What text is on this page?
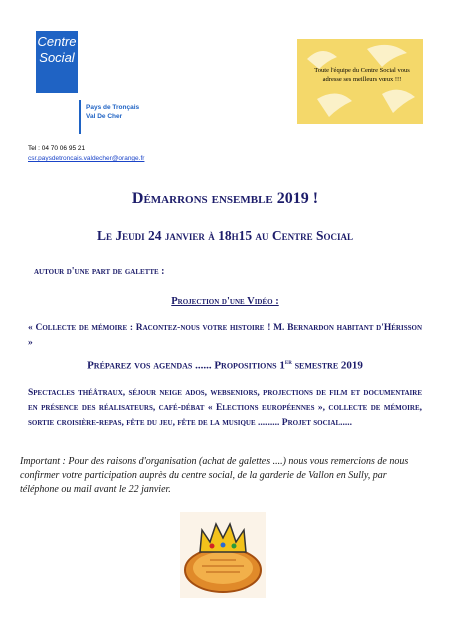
Centre
Social
Pays de Tronçais
Val De Cher
Toute l'équipe du Centre Social vous adresse ses meilleurs vœux !!!
Tel : 04 70 06 95 21
csr.paysdetroncais.valdecher@orange.fr
Démarrons ensemble 2019 !
Le Jeudi 24 janvier à 18h15 au Centre Social
autour d'une part de galette :
Projection d'une Vidéo :
« Collecte de mémoire : Racontez-nous votre histoire ! M. Bernardon habitant d'Hérisson »
Préparez vos agendas ...... Propositions 1er semestre 2019
Spectacles théâtraux, séjour neige ados, webseniors, projections de film et documentaire en présence des réalisateurs, café-débat « Elections européennes », collecte de mémoire, sortie croisière-repas, fête du jeu, fête de la musique ......... Projet social.....
Important : Pour des raisons d'organisation (achat de galettes ....) nous vous remercions de nous confirmer votre participation auprès du centre social, de la garderie de Vallon en Sully, par téléphone ou mail avant le 22 janvier.
